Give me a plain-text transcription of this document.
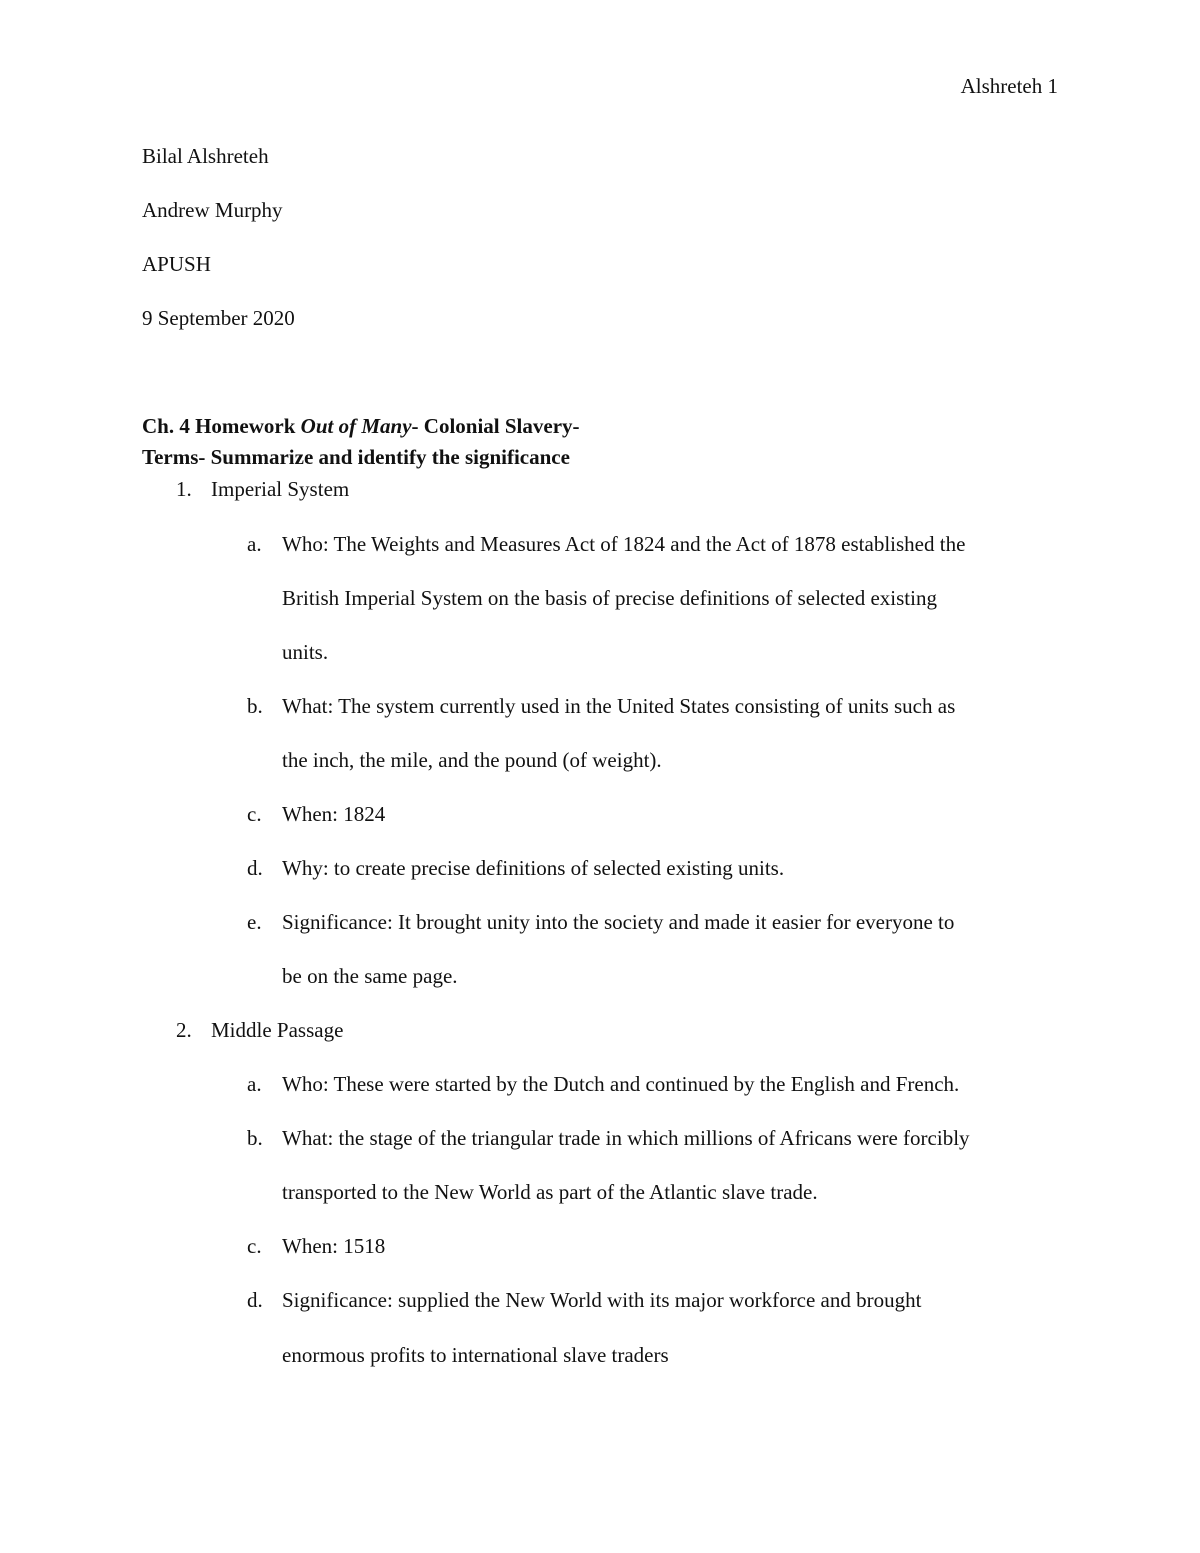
Alshreteh 1
Bilal Alshreteh
Andrew Murphy
APUSH
9 September 2020
Ch. 4 Homework Out of Many- Colonial Slavery-
Terms- Summarize and identify the significance
1. Imperial System
a. Who: The Weights and Measures Act of 1824 and the Act of 1878 established the
British Imperial System on the basis of precise definitions of selected existing
units.
b. What: The system currently used in the United States consisting of units such as
the inch, the mile, and the pound (of weight).
c. When: 1824
d. Why: to create precise definitions of selected existing units.
e. Significance: It brought unity into the society and made it easier for everyone to
be on the same page.
2. Middle Passage
a. Who: These were started by the Dutch and continued by the English and French.
b. What: the stage of the triangular trade in which millions of Africans were forcibly
transported to the New World as part of the Atlantic slave trade.
c. When: 1518
d. Significance: supplied the New World with its major workforce and brought
enormous profits to international slave traders
